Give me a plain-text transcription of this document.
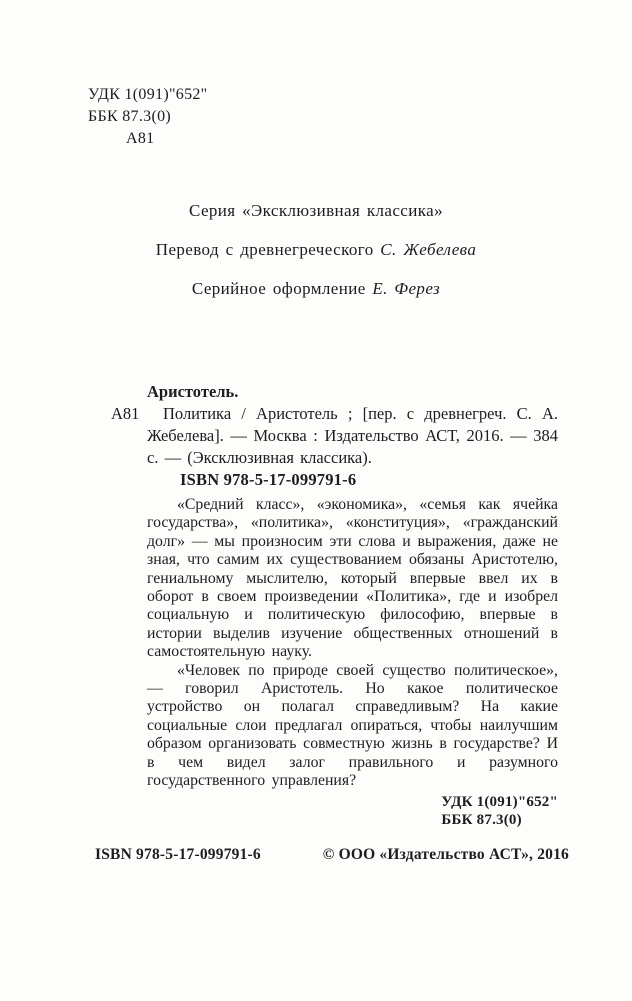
УДК 1(091)"652"
ББК 87.3(0)
А81

Серия «Эксклюзивная классика»

Перевод с древнегреческого С. Жебелева

Серийное оформление Е. Ферез

Аристотель.

А81 Политика / Аристотель ; [пер. с древнегреч. С. А. Жебелева]. — Москва : Издательство АСТ, 2016. — 384 с. — (Эксклюзивная классика).

ISBN 978-5-17-099791-6

«Средний класс», «экономика», «семья как ячейка государства», «политика», «конституция», «гражданский долг» — мы произносим эти слова и выражения, даже не зная, что самим их существованием обязаны Аристотелю, гениальному мыслителю, который впервые ввел их в оборот в своем произведении «Политика», где и изобрел социальную и политическую философию, впервые в истории выделив изучение общественных отношений в самостоятельную науку.

«Человек по природе своей существо политическое», — говорил Аристотель. Но какое политическое устройство он полагал справедливым? На какие социальные слои предлагал опираться, чтобы наилучшим образом организовать совместную жизнь в государстве? И в чем видел залог правильного и разумного государственного управления?

УДК 1(091)"652"
ББК 87.3(0)
ISBN 978-5-17-099791-6	© ООО «Издательство АСТ», 2016
